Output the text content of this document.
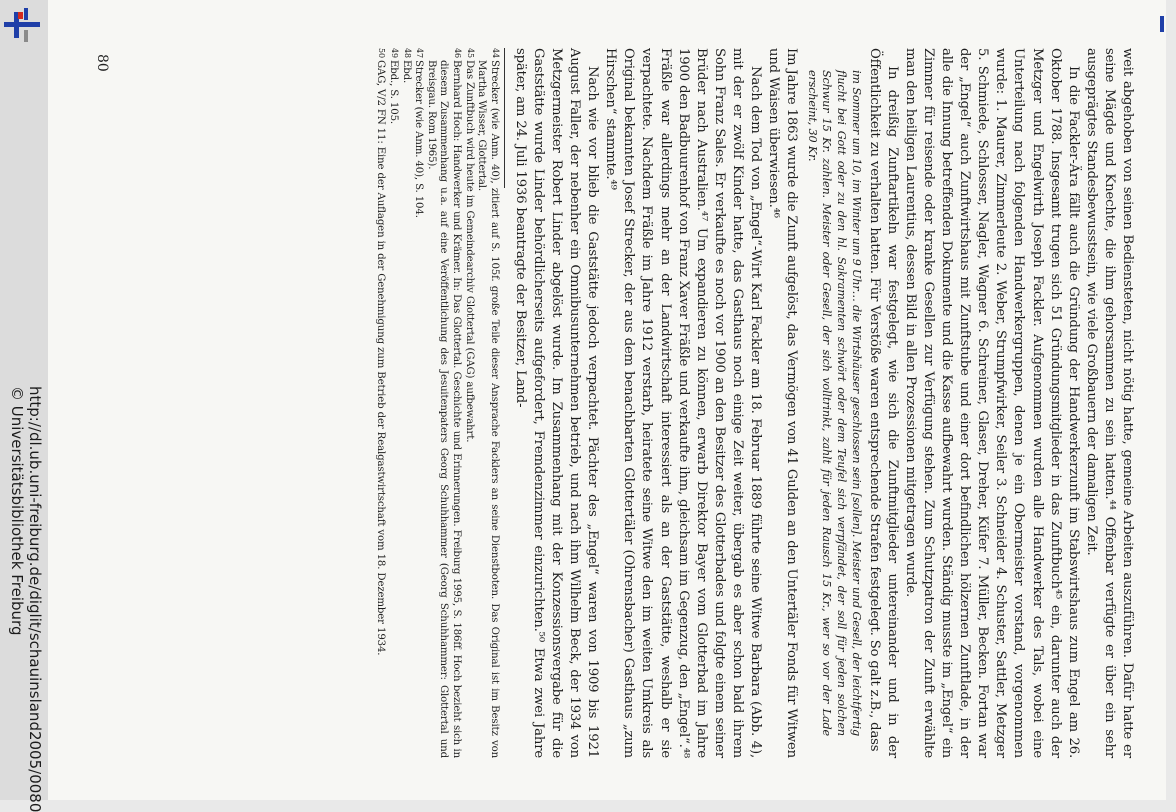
http://dl.ub.uni-freiburg.de/diglit/schauinsland2005/0080
© Universitätsbibliothek Freiburg	weit abgehoben von seinen Bediensteten, nicht nötig hatte, gemeine Arbeiten auszuführen. Dafür hatte er seine Mägde und Knechte, die ihm gehorsammen zu sein hatten.⁴⁴ Offenbar verfügte er über ein sehr ausgeprägtes Standesbewusstsein, wie viele Großbauern der damaligen Zeit.

In die Fackler-Ära fällt auch die Gründung der Handwerkerzunft im Stabswirtshaus zum Engel am 26. Oktober 1788. Insgesamt trugen sich 51 Gründungsmitglieder in das Zunftbuch⁴⁵ ein, darunter auch der Metzger und Engelwirth Joseph Fackler. Aufgenommen wurden alle Handwerker des Tals, wobei eine Unterteilung nach folgenden Handwerkergruppen, denen je ein Obermeister vorstand, vorgenommen wurde: 1. Maurer, Zimmerleute 2. Weber, Strumpfwirker, Seiler 3. Schneider 4. Schuster, Sattler, Metzger 5. Schmiede, Schlosser, Nagler, Wagner 6. Schreiner, Glaser, Dreher, Küfer 7. Müller, Becken. Fortan war der „Engel“ auch Zunftwirtshaus mit Zunftstube und einer dort befindlichen hölzernen Zunftlade, in der alle die Innung betreffenden Dokumente und die Kasse aufbewahrt wurden. Ständig musste im „Engel“ ein Zimmer für reisende oder kranke Gesellen zur Verfügung stehen. Zum Schutzpatron der Zunft erwählte man den heiligen Laurentius, dessen Bild in allen Prozessionen mitgetragen wurde.

In dreißig Zunftartikeln war festgelegt, wie sich die Zunftmitglieder untereinander und in der Öffentlichkeit zu verhalten hatten. Für Verstöße waren entsprechende Strafen festgelegt. So galt z.B., dass

im Sommer um 10, im Winter um 9 Uhr… die Wirtshäuser geschlossen sein [sollen]. Meister und Gesell, der leichtfertig flucht bei Gott oder zu den hl. Sakramenten schwört oder dem Teufel sich verpfändet, der soll für jeden solchen Schwur 15 Kr. zahlen. Meister oder Gesell, der sich volltrinkt, zahlt für jeden Rausch 15 Kr., wer so vor der Lade erscheint, 30 Kr.

Im Jahre 1863 wurde die Zunft aufgelöst, das Vermögen von 41 Gulden an den Untertäler Fonds für Witwen und Waisen überwiesen.⁴⁶

Nach dem Tod von „Engel“-Wirt Karl Fackler am 18. Februar 1889 führte seine Witwe Barbara (Abb. 4), mit der er zwölf Kinder hatte, das Gasthaus noch einige Zeit weiter, übergab es aber schon bald ihrem Sohn Franz Sales. Er verkaufte es noch vor 1900 an den Besitzer des Glotterbades und folgte einem seiner Brüder nach Australien.⁴⁷ Um expandieren zu können, erwarb Direktor Bayer vom Glotterbad im Jahre 1900 den Badbuurenhof von Franz Xaver Fräßle und verkaufte ihm, gleichsam im Gegenzug, den „Engel“.⁴⁸ Fräßle war allerdings mehr an der Landwirtschaft interessiert als an der Gaststätte, weshalb er sie verpachtete. Nachdem Fräßle im Jahre 1912 verstarb, heiratete seine Witwe den im weiten Umkreis als Original bekannten Josef Strecker, der aus dem benachbarten Glottertäler (Ohrensbacher) Gasthaus „zum Hirschen“ stammte.⁴⁹

Nach wie vor blieb die Gaststätte jedoch verpachtet. Pächter des „Engel“ waren von 1909 bis 1921 August Faller, der nebenher ein Omnibusunternehmen betrieb, und nach ihm Wilhelm Beck, der 1934 von Metzgermeister Robert Linder abgelöst wurde. Im Zusammenhang mit der Konzessionsvergabe für die Gaststätte wurde Linder behördlicherseits aufgefordert, Fremdenzimmer einzurichten.⁵⁰ Etwa zwei Jahre später, am 24. Juli 1936 beantragte der Besitzer, Land-

44
Strecker (wie Anm. 40), zitiert auf S. 105f. große Teile dieser Ansprache Facklers an seine Dienstboten. Das Original ist im Besitz von Martha Wisser, Glottertal.
45
Das Zunftbuch wird heute im Gemeindearchiv Glottertal (GAG) aufbewahrt.
46
Bernhard Hoch: Handwerker und Krämer. In: Das Glottertal. Geschichte und Erinnerungen. Freiburg 1995, S. 186ff. Hoch bezieht sich in diesem Zusammenhang u.a. auf eine Veröffentlichung des Jesuitenpaters Georg Schuhhammer (Georg Schuhhammer: Glottertal und Breisgau. Rom 1965).
47
Strecker (wie Anm. 40), S. 104.
48
Ebd.
49
Ebd., S. 105.
50
GAG, V/2 FN 11: Eine der Auflagen in der Genehmigung zum Betrieb der Realgastwirtschaft vom 18. Dezember 1934.
80
